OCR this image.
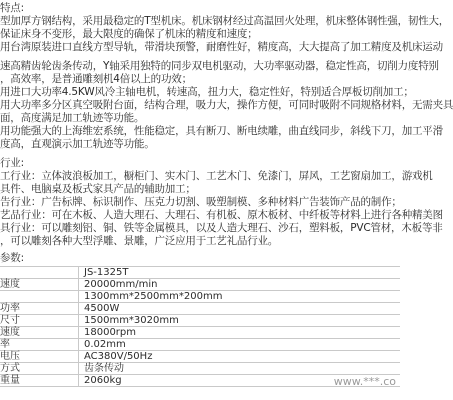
特点:
型加厚方钢结构，采用最稳定的T型机床。机床钢材经过高温回火处理，机床整体钢性强，韧性大，
保证床身不变形，最大限度的确保了机床的精度和速度；
用台湾原装进口直线方型导轨，带滑块预警，耐磨性好，精度高，大大提高了加工精度及机床运动
速高精齿轮齿条传动，Y轴采用独特的同步双电机驱动，大功率驱动器，稳定性高，切削力度特别
，高效率，是普通雕刻机4倍以上的功效；
用进口大功率4.5KW风冷主轴电机，转速高，扭力大，稳定性好，特别适合厚板切削加工；
用大功率多分区真空吸附台面，结构合理，吸力大，操作方便，可同时吸附不同规格材料，无需夹具
面，高度满足加工轨迹等功能。
用功能强大的上海维宏系统，性能稳定，具有断刀、断电续雕，曲直线同步，斜线下刀，加工平滑
度高，直观演示加工轨迹等功能。
行业:
工行业：立体波浪板加工，橱柜门、实木门、工艺木门、免漆门，屏风，工艺窗扇加工，游戏机
具件、电脑桌及板式家具产品的辅助加工；
告行业：广告标牌、标识制作、压克力切割、吸塑制模、多种材料广告装饰产品的制作；
艺品行业：可在木板、人造大理石、大理石、有机板、原木板材、中纤板等材料上进行各种精美图
具行业：可以雕刻铝、铜、铁等金属模具，以及人造大理石、沙石，塑料板，PVC管材，木板等非
，可以雕刻各种大型浮雕、景雕，广泛应用于工艺礼品行业。
参数:
	JS-1325T
速度	20000mm/min
	1300mm*2500mm*200mm
功率	4500W
尺寸	1500mm*3020mm
速度	18000rpm
率	0.02mm
电压	AC380V/50Hz
方式	齿条传动
重量	2060kg	www.***.co
